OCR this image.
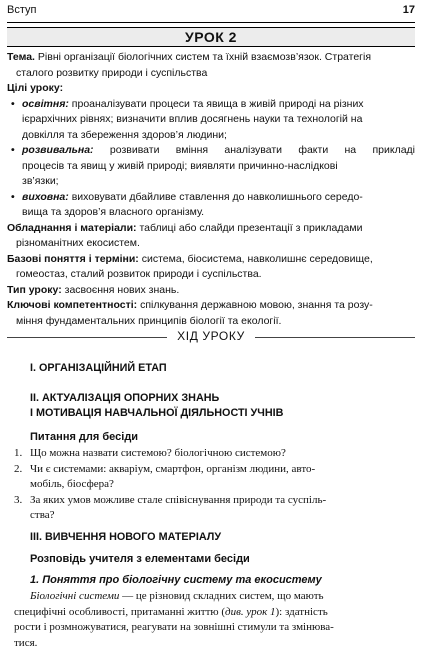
Вступ	17
УРОК 2
Тема. Рівні організації біологічних систем та їхній взаємозв’язок. Стратегія
сталого розвитку природи і суспільства
Цілі уроку:
• освітня: проаналізувати процеси та явища в живій природі на різних
ієрархічних рівнях; визначити вплив досягнень науки та технологій на
довкілля та збереження здоров’я людини;
• розвивальна: розвивати вміння аналізувати факти на прикладі
процесів та явищ у живій природі; виявляти причинно-наслідкові
зв’язки;
• виховна: виховувати дбайливе ставлення до навколишнього середо-
вища та здоров’я власного організму.
Обладнання і матеріали: таблиці або слайди презентації з прикладами
різноманітних екосистем.
Базові поняття і терміни: система, біосистема, навколишнє середовище,
гомеостаз, сталий розвиток природи і суспільства.
Тип уроку: засвоєння нових знань.
Ключові компетентності: спілкування державною мовою, знання та розу-
міння фундаментальних принципів біології та екології.
ХІД УРОКУ
I. ОРГАНІЗАЦІЙНИЙ ЕТАП
II. АКТУАЛІЗАЦІЯ ОПОРНИХ ЗНАНЬ
І МОТИВАЦІЯ НАВЧАЛЬНОЇ ДІЯЛЬНОСТІ УЧНІВ
Питання для бесіди
1. Що можна назвати системою? біологічною системою?
2. Чи є системами: акваріум, смартфон, організм людини, авто-
мобіль, біосфера?
3. За яких умов можливе стале співіснування природи та суспіль-
ства?
III. ВИВЧЕННЯ НОВОГО МАТЕРІАЛУ
Розповідь учителя з елементами бесіди
1. Поняття про біологічну систему та екосистему
Біологічні системи — це різновид складних систем, що мають
специфічні особливості, притаманні життю (див. урок 1): здатність
рости і розмножуватися, реагувати на зовнішні стимули та змінюва-
тися.
